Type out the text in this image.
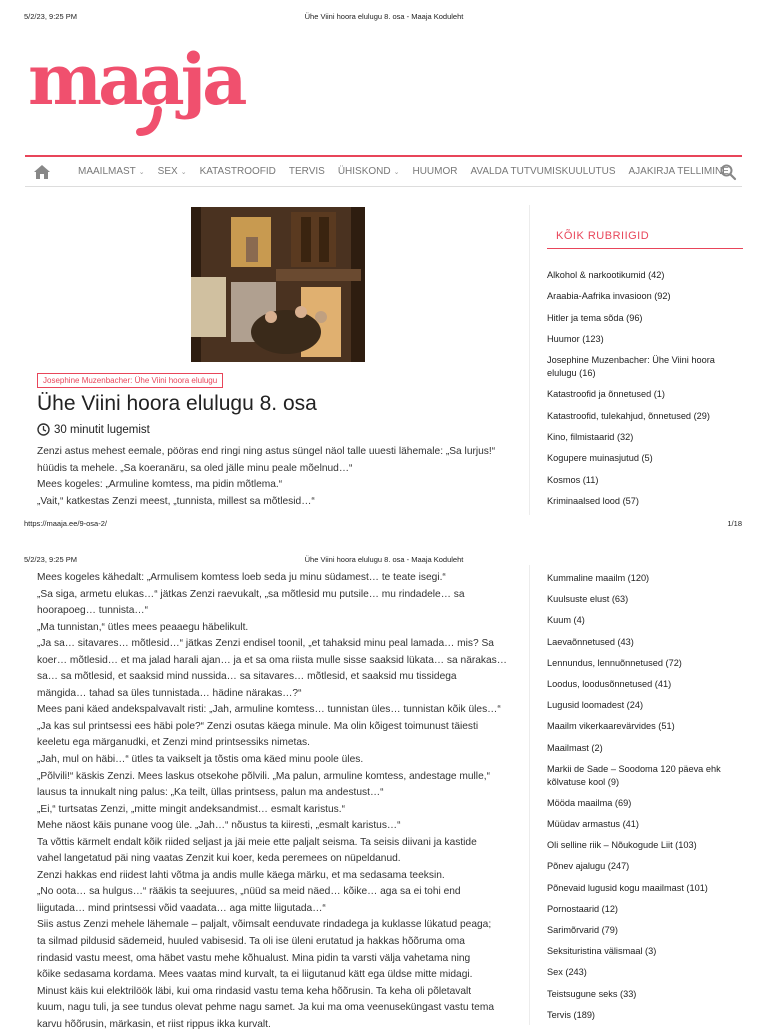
5/2/23, 9:25 PM	Ühe Viini hoora elulugu 8. osa - Maaja Koduleht
maaja
MAAILMAST ⌄ SEX ⌄ KATASTROOFID TERVIS ÜHISKOND ⌄ HUUMOR AVALDA TUTVUMISKUULUTUS AJAKIRJA TELLIMINE
Josephine Muzenbacher: Ühe Viini hoora elulugu
Ühe Viini hoora elulugu 8. osa
30 minutit lugemist

Zenzi astus mehest eemale, pööras end ringi ning astus süngel näol talle uuesti lähemale: „Sa lurjus!“

hüüdis ta mehele. „Sa koeranäru, sa oled jälle minu peale mõelnud…“

Mees kogeles: „Armuline komtess, ma pidin mõtlema.“

„Vait,“ katkestas Zenzi meest, „tunnista, millest sa mõtlesid…“

KÕIK RUBRIIGID
Alkohol & narkootikumid (42)
Araabia-Aafrika invasioon (92)
Hitler ja tema sõda (96)
Huumor (123)
Josephine Muzenbacher: Ühe Viini hoora elulugu (16)
Katastroofid ja õnnetused (1)
Katastroofid, tulekahjud, õnnetused (29)
Kino, filmistaarid (32)
Kogupere muinasjutud (5)
Kosmos (11)
Kriminaalsed lood (57)
https://maaja.ee/9-osa-2/	1/18
5/2/23, 9:25 PM	Ühe Viini hoora elulugu 8. osa - Maaja Koduleht

Mees kogeles kähedalt: „Armulisem komtess loeb seda ju minu südamest… te teate isegi.“

„Sa siga, armetu elukas…“ jätkas Zenzi raevukalt, „sa mõtlesid mu putsile… mu rindadele… sa

hoorapoeg… tunnista…“

„Ma tunnistan,“ ütles mees peaaegu häbelikult.

„Ja sa… sitavares… mõtlesid…“ jätkas Zenzi endisel toonil, „et tahaksid minu peal lamada… mis? Sa

koer… mõtlesid… et ma jalad harali ajan… ja et sa oma riista mulle sisse saaksid lükata… sa närakas…

sa… sa mõtlesid, et saaksid mind nussida… sa sitavares… mõtlesid, et saaksid mu tissidega

mängida… tahad sa üles tunnistada… hädine närakas…?“

Mees pani käed andekspalvavalt risti: „Jah, armuline komtess… tunnistan üles… tunnistan kõik üles…“

„Ja kas sul printsessi ees häbi pole?“ Zenzi osutas käega minule. Ma olin kõigest toimunust täiesti

keeletu ega märganudki, et Zenzi mind printsessiks nimetas.

„Jah, mul on häbi…“ ütles ta vaikselt ja tõstis oma käed minu poole üles.

„Põlvili!“ käskis Zenzi. Mees laskus otsekohe põlvili. „Ma palun, armuline komtess, andestage mulle,“

lausus ta innukalt ning palus: „Ka teilt, üllas printsess, palun ma andestust…“

„Ei,“ turtsatas Zenzi, „mitte mingit andeksandmist… esmalt karistus.“

Mehe näost käis punane voog üle. „Jah…“ nõustus ta kiiresti, „esmalt karistus…“

Ta võttis kärmelt endalt kõik riided seljast ja jäi meie ette paljalt seisma. Ta seisis diivani ja kastide

vahel langetatud päi ning vaatas Zenzit kui koer, keda peremees on nüpeldanud.

Zenzi hakkas end riidest lahti võtma ja andis mulle käega märku, et ma sedasama teeksin.

„No oota… sa hulgus…“ rääkis ta seejuures, „nüüd sa meid näed… kõike… aga sa ei tohi end

liigutada… mind printsessi võid vaadata… aga mitte liigutada…“

Siis astus Zenzi mehele lähemale – paljalt, võimsalt eenduvate rindadega ja kuklasse lükatud peaga;

ta silmad pildusid sädemeid, huuled vabisesid. Ta oli ise üleni erutatud ja hakkas hõõruma oma

rindasid vastu meest, oma häbet vastu mehe kõhualust. Mina pidin ta varsti välja vahetama ning

kõike sedasama kordama. Mees vaatas mind kurvalt, ta ei liigutanud kätt ega üldse mitte midagi.

Minust käis kui elektrilöök läbi, kui oma rindasid vastu tema keha hõõrusin. Ta keha oli põletavalt

kuum, nagu tuli, ja see tundus olevat pehme nagu samet. Ja kui ma oma veenuseküngast vastu tema

karvu hõõrusin, märkasin, et riist rippus ikka kurvalt.

Kummaline maailm (120)
Kuulsuste elust (63)
Kuum (4)
Laevaõnnetused (43)
Lennundus, lennuõnnetused (72)
Loodus, loodusõnnetused (41)
Lugusid loomadest (24)
Maailm vikerkaarevärvides (51)
Maailmast (2)
Markii de Sade – Soodoma 120 päeva ehk kõlvatuse kool (9)
Mööda maailma (69)
Müüdav armastus (41)
Oli selline riik – Nõukogude Liit (103)
Põnev ajalugu (247)
Põnevaid lugusid kogu maailmast (101)
Pornostaarid (12)
Sarimõrvarid (79)
Seksituristina välismaal (3)
Sex (243)
Teistsugune seks (33)
Tervis (189)
